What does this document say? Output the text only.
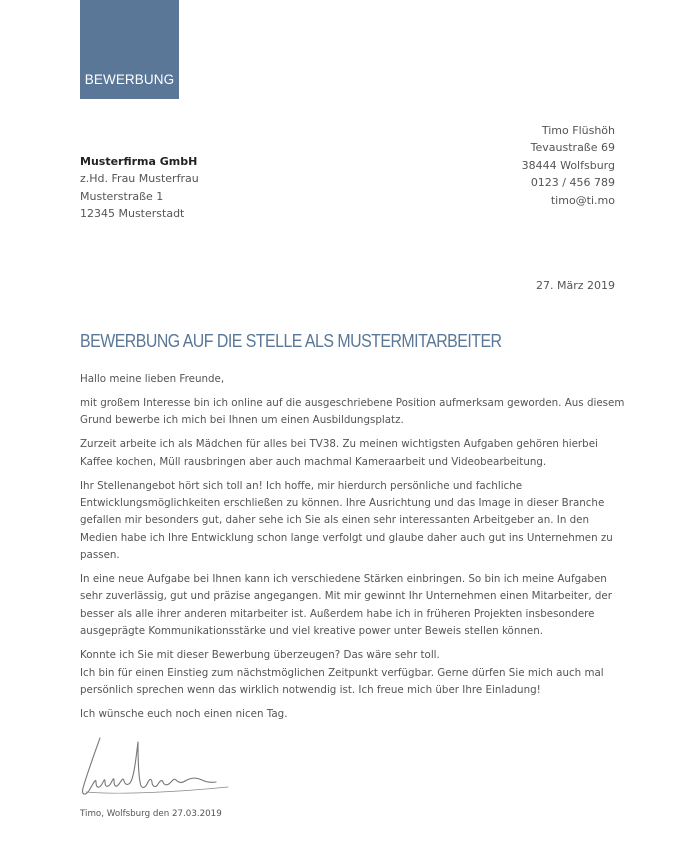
BEWERBUNG
Timo Flüshöh
Tevaustraße 69
38444 Wolfsburg
0123 / 456 789
timo@ti.mo
Musterfirma GmbH
z.Hd. Frau Musterfrau
Musterstraße 1
12345 Musterstadt
27. März 2019
BEWERBUNG AUF DIE STELLE ALS MUSTERMITARBEITER

Hallo meine lieben Freunde,

mit großem Interesse bin ich online auf die ausgeschriebene Position aufmerksam geworden. Aus diesem Grund bewerbe ich mich bei Ihnen um einen Ausbildungsplatz.

Zurzeit arbeite ich als Mädchen für alles bei TV38. Zu meinen wichtigsten Aufgaben gehören hierbei Kaffee kochen, Müll rausbringen aber auch machmal Kameraarbeit und Videobearbeitung.

Ihr Stellenangebot hört sich toll an! Ich hoffe, mir hierdurch persönliche und fachliche Entwicklungsmöglichkeiten erschließen zu können. Ihre Ausrichtung und das Image in dieser Branche gefallen mir besonders gut, daher sehe ich Sie als einen sehr interessanten Arbeitgeber an. In den Medien habe ich Ihre Entwicklung schon lange verfolgt und glaube daher auch gut ins Unternehmen zu passen.

In eine neue Aufgabe bei Ihnen kann ich verschiedene Stärken einbringen. So bin ich meine Aufgaben sehr zuverlässig, gut und präzise angegangen. Mit mir gewinnt Ihr Unternehmen einen Mitarbeiter, der besser als alle ihrer anderen mitarbeiter ist. Außerdem habe ich in früheren Projekten insbesondere ausgeprägte Kommunikationsstärke und viel kreative power unter Beweis stellen können.

Konnte ich Sie mit dieser Bewerbung überzeugen? Das wäre sehr toll.
Ich bin für einen Einstieg zum nächstmöglichen Zeitpunkt verfügbar. Gerne dürfen Sie mich auch mal persönlich sprechen wenn das wirklich notwendig ist. Ich freue mich über Ihre Einladung!

Ich wünsche euch noch einen nicen Tag.

Timo, Wolfsburg den 27.03.2019
